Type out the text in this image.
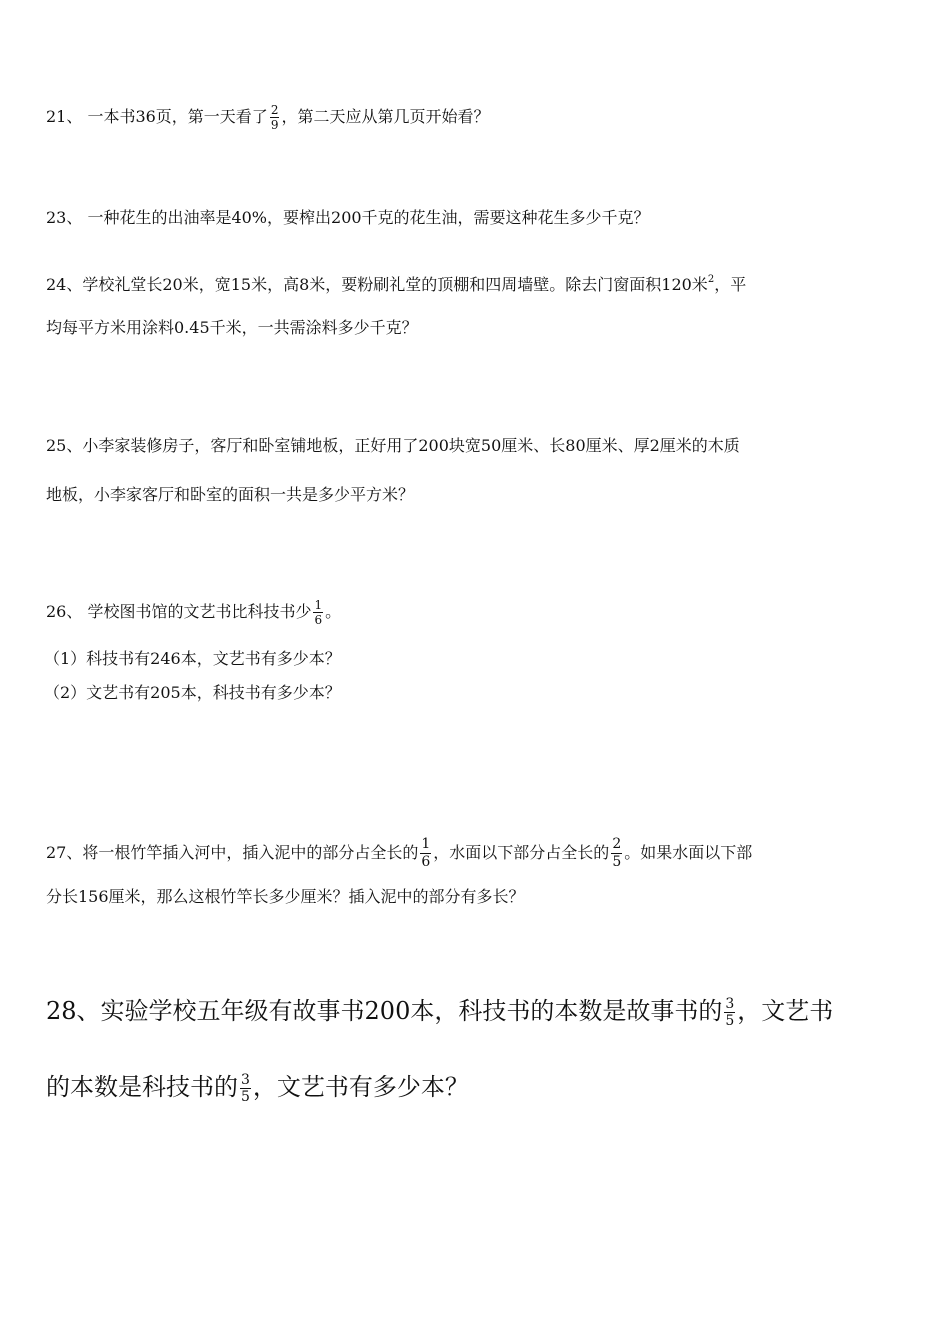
21、 一本书36页，第一天看了 $\frac{2}{9}$ ，第二天应从第几页开始看？
23、 一种花生的出油率是40%，要榨出200千克的花生油，需要这种花生多少千克？
24、学校礼堂长20米，宽15米，高8米，要粉刷礼堂的顶棚和四周墙壁。除去门窗面积120米$^2$，平
均每平方米用涂料0.45千米，一共需涂料多少千克？
25、小李家装修房子，客厅和卧室铺地板，正好用了200块宽50厘米、长80厘米、厚2厘米的木质
地板，小李家客厅和卧室的面积一共是多少平方米？
26、 学校图书馆的文艺书比科技书少 $\frac{1}{6}$ 。
（1）科技书有246本，文艺书有多少本？
（2）文艺书有205本，科技书有多少本？
27、将一根竹竿插入河中，插入泥中的部分占全长的 $\frac{1}{6}$ ，水面以下部分占全长的 $\frac{2}{5}$ 。如果水面以下部
分长156厘米，那么这根竹竿长多少厘米？插入泥中的部分有多长？
28、实验学校五年级有故事书200本，科技书的本数是故事书的 $\frac{3}{5}$ ，文艺书
的本数是科技书的 $\frac{3}{5}$ ，文艺书有多少本？
